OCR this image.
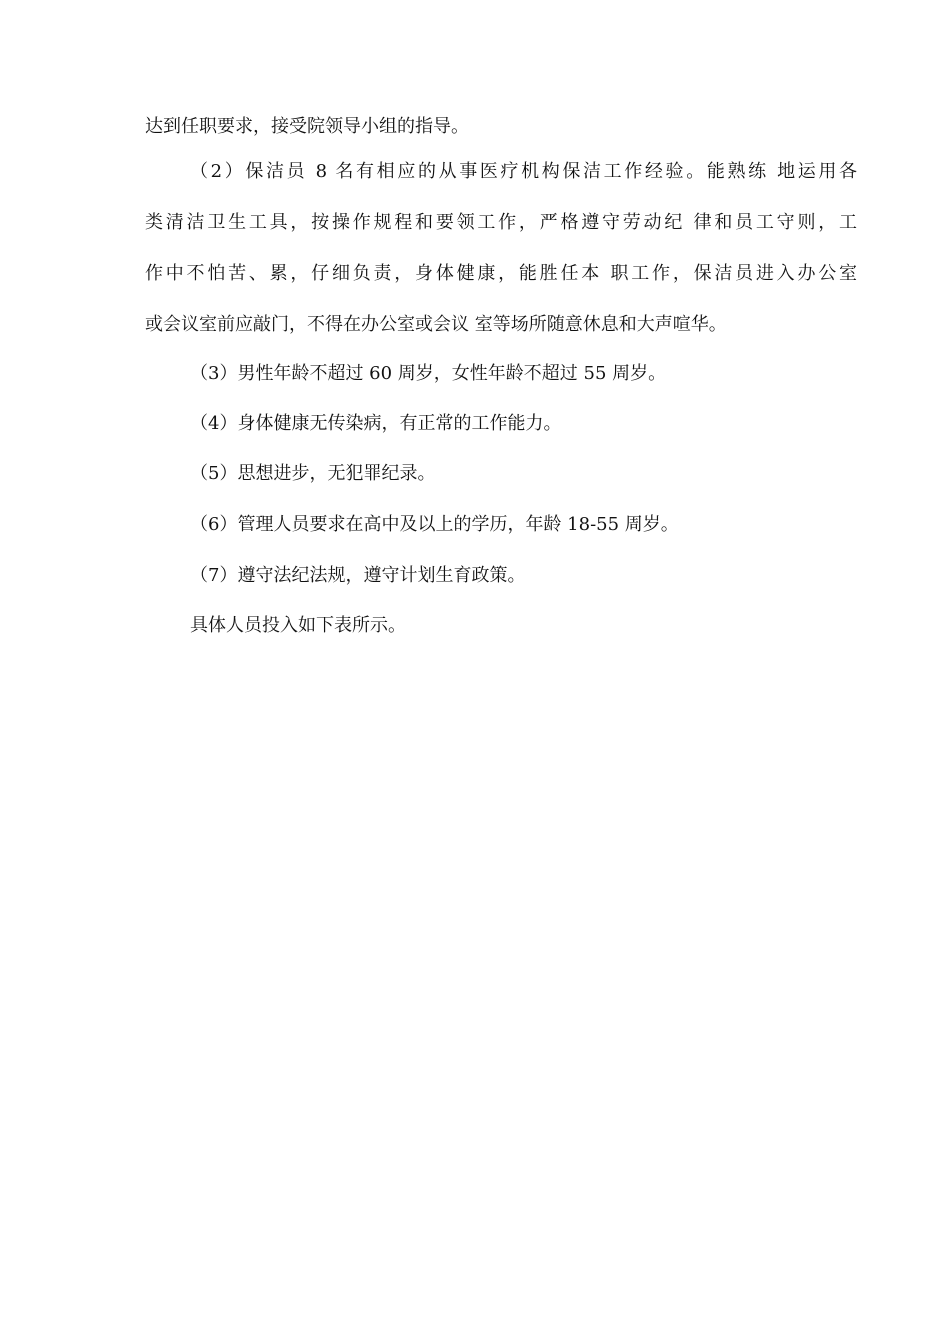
达到任职要求，接受院领导小组的指导。
（2）保洁员 8 名有相应的从事医疗机构保洁工作经验。能熟练 地运用各
类清洁卫生工具，按操作规程和要领工作，严格遵守劳动纪 律和员工守则，工
作中不怕苦、累，仔细负责，身体健康，能胜任本 职工作，保洁员进入办公室
或会议室前应敲门，不得在办公室或会议 室等场所随意休息和大声喧华。
（3）男性年龄不超过 60 周岁，女性年龄不超过 55 周岁。
（4）身体健康无传染病，有正常的工作能力。
（5）思想进步，无犯罪纪录。
（6）管理人员要求在高中及以上的学历，年龄 18-55 周岁。
（7）遵守法纪法规，遵守计划生育政策。
具体人员投入如下表所示。
